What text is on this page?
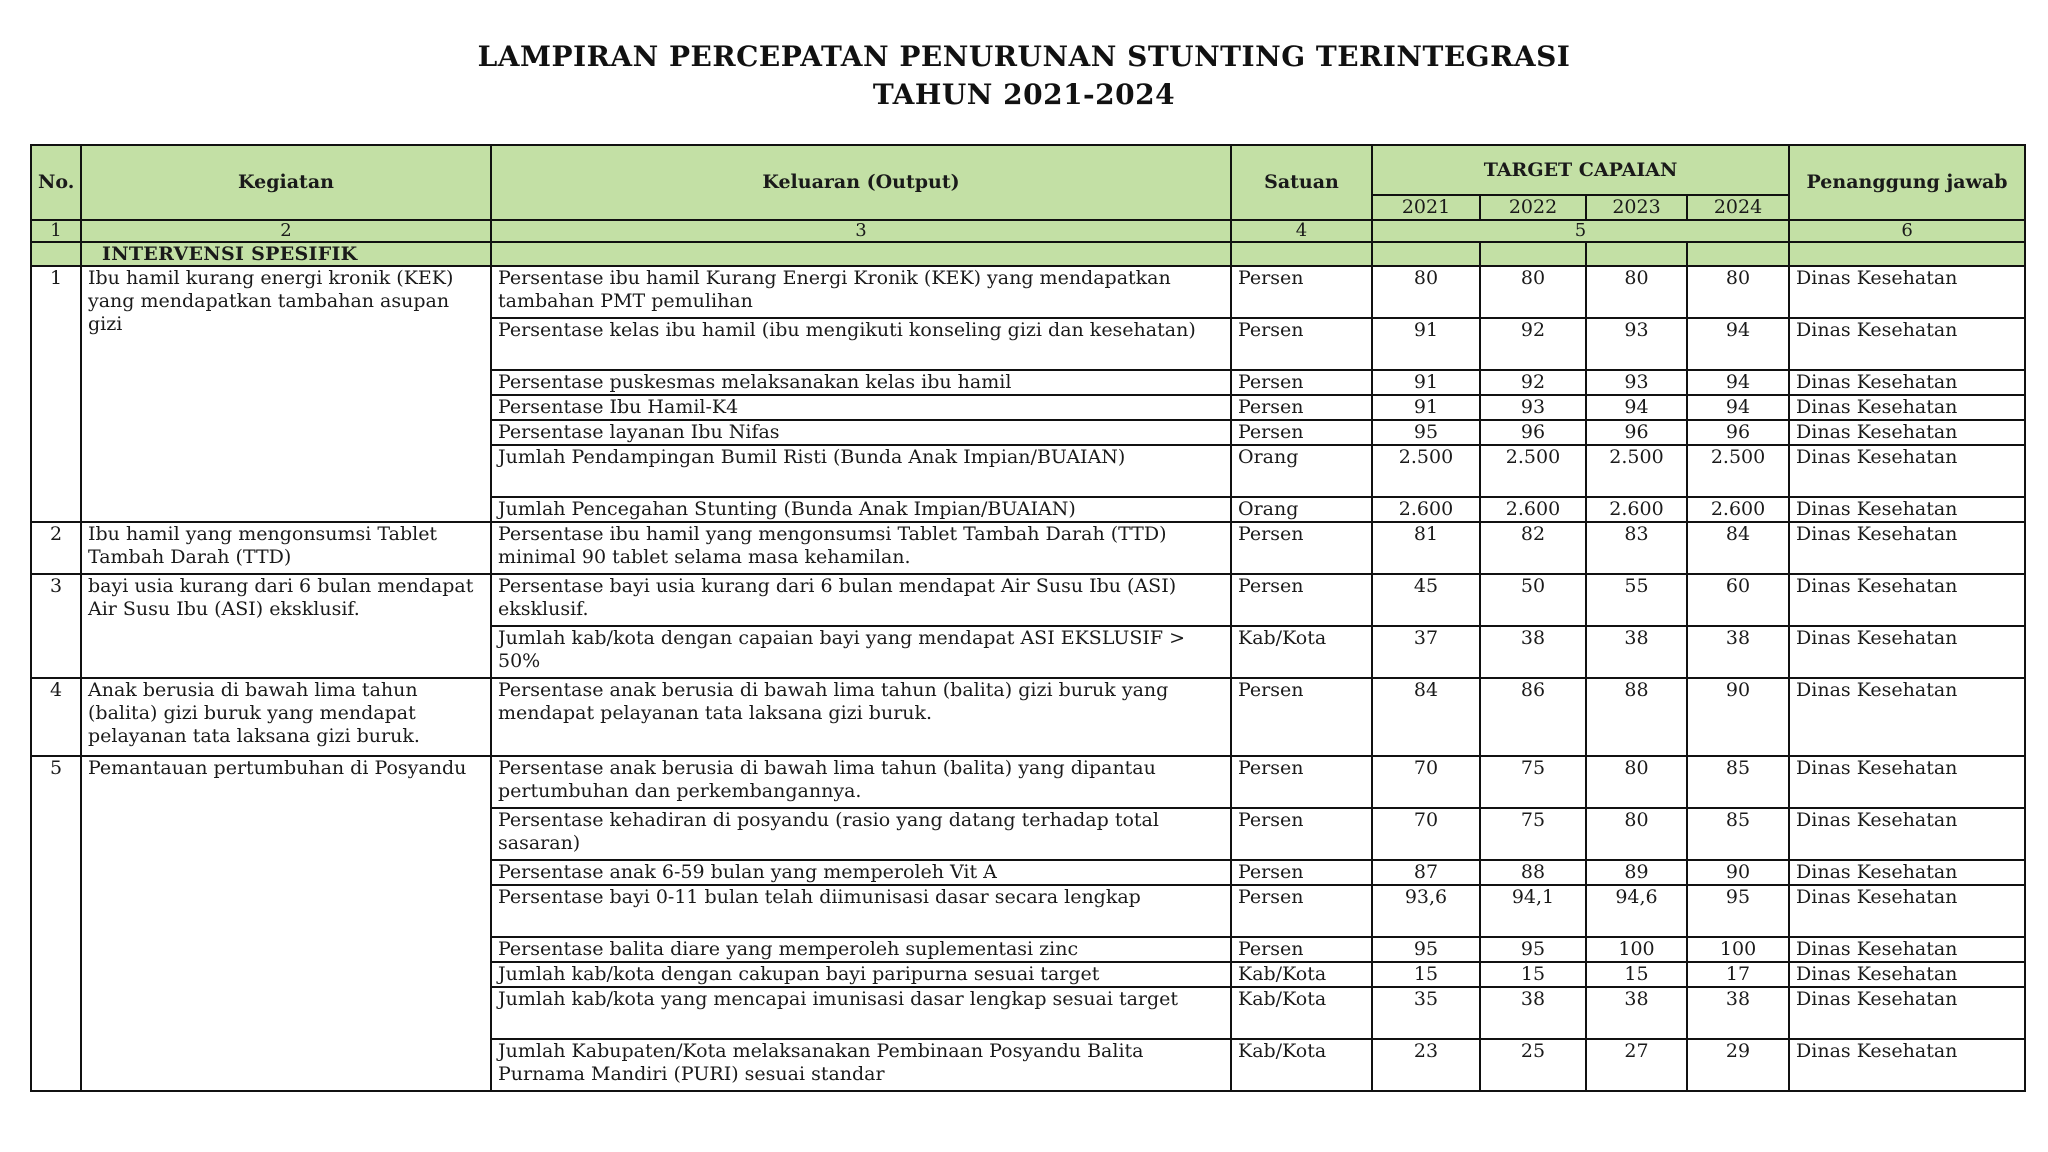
LAMPIRAN PERCEPATAN PENURUNAN STUNTING TERINTEGRASI
TAHUN 2021-2024
No.	Kegiatan	Keluaran (Output)	Satuan	TARGET CAPAIAN				Penanggung jawab
				2021	2022	2023	2024	
1	2	3	4	5				6
	INTERVENSI SPESIFIK							
1	Ibu hamil kurang energi kronik (KEK) yang mendapatkan tambahan asupan gizi	Persentase ibu hamil Kurang Energi Kronik (KEK) yang mendapatkan tambahan PMT pemulihan	Persen	80	80	80	80	Dinas Kesehatan
		Persentase kelas ibu hamil (ibu mengikuti konseling gizi dan kesehatan)	Persen	91	92	93	94	Dinas Kesehatan
		Persentase puskesmas melaksanakan kelas ibu hamil	Persen	91	92	93	94	Dinas Kesehatan
		Persentase Ibu Hamil-K4	Persen	91	93	94	94	Dinas Kesehatan
		Persentase layanan Ibu Nifas	Persen	95	96	96	96	Dinas Kesehatan
		Jumlah Pendampingan Bumil Risti (Bunda Anak Impian/BUAIAN)	Orang	2.500	2.500	2.500	2.500	Dinas Kesehatan
		Jumlah Pencegahan Stunting (Bunda Anak Impian/BUAIAN)	Orang	2.600	2.600	2.600	2.600	Dinas Kesehatan
2	Ibu hamil yang mengonsumsi Tablet Tambah Darah (TTD)	Persentase ibu hamil yang mengonsumsi Tablet Tambah Darah (TTD) minimal 90 tablet selama masa kehamilan.	Persen	81	82	83	84	Dinas Kesehatan
3	bayi usia kurang dari 6 bulan mendapat Air Susu Ibu (ASI) eksklusif.	Persentase bayi usia kurang dari 6 bulan mendapat Air Susu Ibu (ASI) eksklusif.	Persen	45	50	55	60	Dinas Kesehatan
		Jumlah kab/kota dengan capaian bayi yang mendapat ASI EKSLUSIF > 50%	Kab/Kota	37	38	38	38	Dinas Kesehatan
4	Anak berusia di bawah lima tahun (balita) gizi buruk yang mendapat pelayanan tata laksana gizi buruk.	Persentase anak berusia di bawah lima tahun (balita) gizi buruk yang mendapat pelayanan tata laksana gizi buruk.	Persen	84	86	88	90	Dinas Kesehatan
5	Pemantauan pertumbuhan di Posyandu	Persentase anak berusia di bawah lima tahun (balita) yang dipantau pertumbuhan dan perkembangannya.	Persen	70	75	80	85	Dinas Kesehatan
		Persentase kehadiran di posyandu (rasio yang datang terhadap total sasaran)	Persen	70	75	80	85	Dinas Kesehatan
		Persentase anak 6-59 bulan yang memperoleh Vit A	Persen	87	88	89	90	Dinas Kesehatan
		Persentase bayi 0-11 bulan telah diimunisasi dasar secara lengkap	Persen	93,6	94,1	94,6	95	Dinas Kesehatan
		Persentase balita diare yang memperoleh suplementasi zinc	Persen	95	95	100	100	Dinas Kesehatan
		Jumlah kab/kota dengan cakupan bayi paripurna sesuai target	Kab/Kota	15	15	15	17	Dinas Kesehatan
		Jumlah kab/kota yang mencapai imunisasi dasar lengkap sesuai target	Kab/Kota	35	38	38	38	Dinas Kesehatan
		Jumlah Kabupaten/Kota melaksanakan Pembinaan Posyandu Balita Purnama Mandiri (PURI) sesuai standar	Kab/Kota	23	25	27	29	Dinas Kesehatan
